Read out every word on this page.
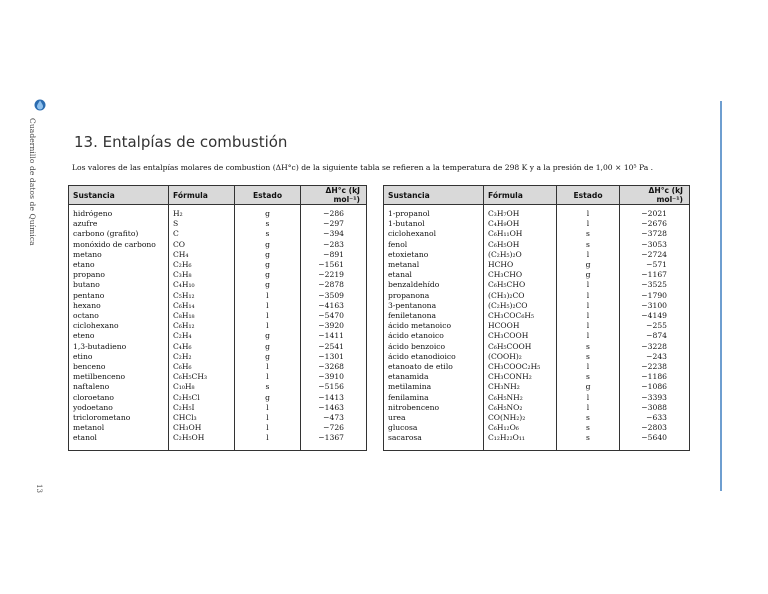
Cuadernillo de datos de Química
13
13. Entalpías de combustión

Los valores de las entalpías molares de combustion (ΔH°c) de la siguiente tabla se refieren a la temperatura de 298 K y a la presión de 1,00 × 10⁵ Pa .

Sustancia	Fórmula	Estado	ΔH°c (kJ mol⁻¹)

hidrógeno	H₂	g	−286
azufre	S	s	−297
carbono (grafito)	C	s	−394
monóxido de carbono	CO	g	−283
metano	CH₄	g	−891
etano	C₂H₆	g	−1561
propano	C₃H₈	g	−2219
butano	C₄H₁₀	g	−2878
pentano	C₅H₁₂	l	−3509
hexano	C₆H₁₄	l	−4163
octano	C₈H₁₈	l	−5470
ciclohexano	C₆H₁₂	l	−3920
eteno	C₂H₄	g	−1411
1,3-butadieno	C₄H₆	g	−2541
etino	C₂H₂	g	−1301
benceno	C₆H₆	l	−3268
metilbenceno	C₆H₅CH₃	l	−3910
naftaleno	C₁₀H₈	s	−5156
cloroetano	C₂H₅Cl	g	−1413
yodoetano	C₂H₅I	l	−1463
triclorometano	CHCl₃	l	−473
metanol	CH₃OH	l	−726
etanol	C₂H₅OH	l	−1367

Sustancia	Fórmula	Estado	ΔH°c (kJ mol⁻¹)

1-propanol	C₃H₇OH	l	−2021
1-butanol	C₄H₉OH	l	−2676
ciclohexanol	C₆H₁₁OH	s	−3728
fenol	C₆H₅OH	s	−3053
etoxietano	(C₂H₅)₂O	l	−2724
metanal	HCHO	g	−571
etanal	CH₃CHO	g	−1167
benzaldehído	C₆H₅CHO	l	−3525
propanona	(CH₃)₂CO	l	−1790
3-pentanona	(C₂H₅)₂CO	l	−3100
feniletanona	CH₃COC₆H₅	l	−4149
ácido metanoico	HCOOH	l	−255
ácido etanoico	CH₃COOH	l	−874
ácido benzoico	C₆H₅COOH	s	−3228
ácido etanodioico	(COOH)₂	s	−243
etanoato de etilo	CH₃COOC₂H₅	l	−2238
etanamida	CH₃CONH₂	s	−1186
metilamina	CH₃NH₂	g	−1086
fenilamina	C₆H₅NH₂	l	−3393
nitrobenceno	C₆H₅NO₂	l	−3088
urea	CO(NH₂)₂	s	−633
glucosa	C₆H₁₂O₆	s	−2803
sacarosa	C₁₂H₂₂O₁₁	s	−5640
